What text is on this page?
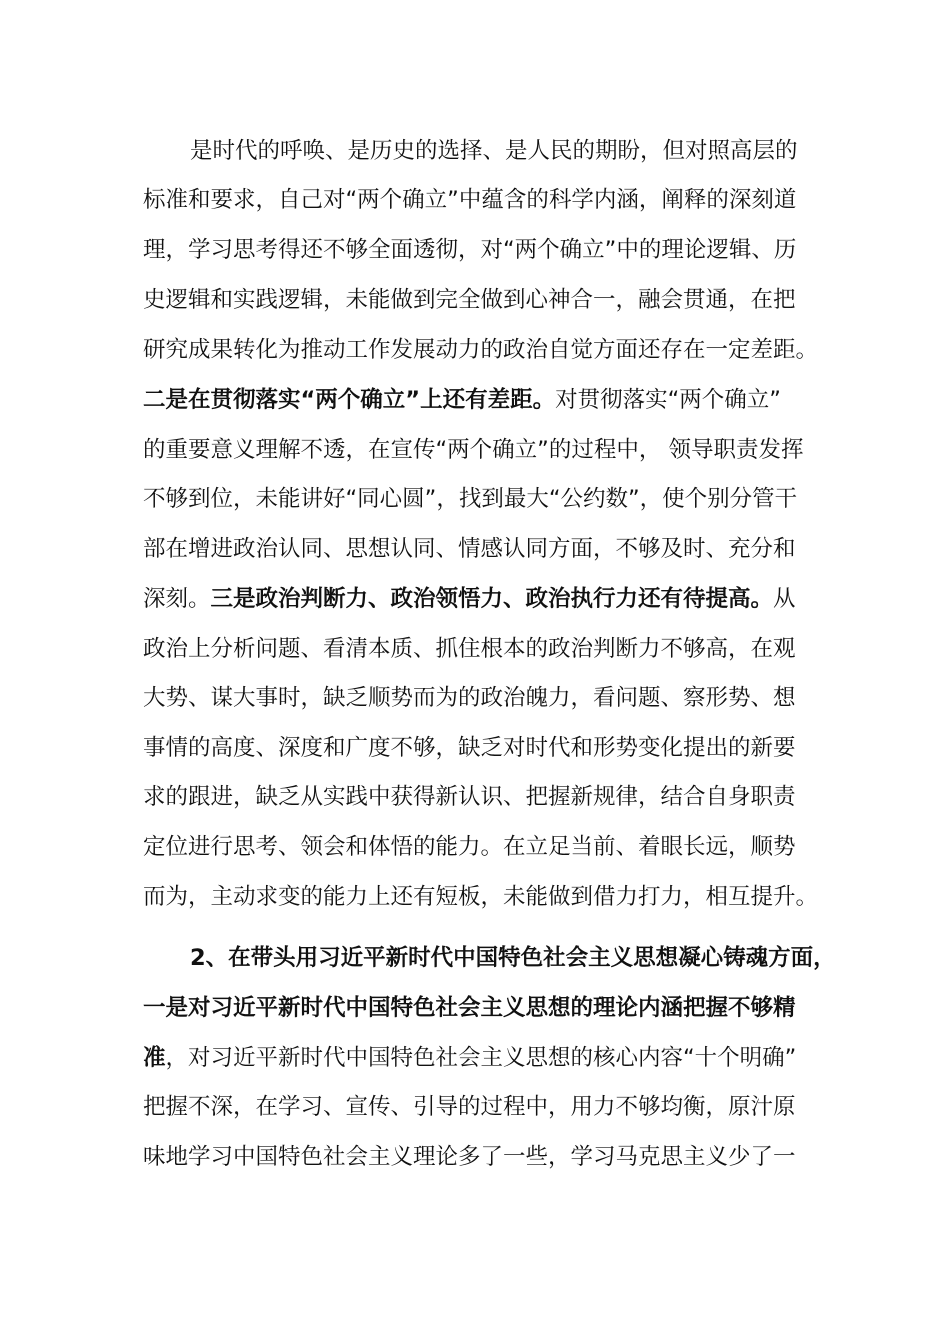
是时代的呼唤、是历史的选择、是人民的期盼，但对照高层的
标准和要求，自己对“两个确立”中蕴含的科学内涵，阐释的深刻道
理，学习思考得还不够全面透彻，对“两个确立”中的理论逻辑、历
史逻辑和实践逻辑，未能做到完全做到心神合一，融会贯通，在把
研究成果转化为推动工作发展动力的政治自觉方面还存在一定差距。
二是在贯彻落实“两个确立”上还有差距。对贯彻落实“两个确立”
的重要意义理解不透，在宣传“两个确立”的过程中， 领导职责发挥
不够到位，未能讲好“同心圆”，找到最大“公约数”，使个别分管干
部在增进政治认同、思想认同、情感认同方面，不够及时、充分和
深刻。三是政治判断力、政治领悟力、政治执行力还有待提高。从
政治上分析问题、看清本质、抓住根本的政治判断力不够高，在观
大势、谋大事时，缺乏顺势而为的政治魄力，看问题、察形势、想
事情的高度、深度和广度不够，缺乏对时代和形势变化提出的新要
求的跟进，缺乏从实践中获得新认识、把握新规律，结合自身职责
定位进行思考、领会和体悟的能力。在立足当前、着眼长远，顺势
而为，主动求变的能力上还有短板，未能做到借力打力，相互提升。
2、在带头用习近平新时代中国特色社会主义思想凝心铸魂方面，
一是对习近平新时代中国特色社会主义思想的理论内涵把握不够精
准，对习近平新时代中国特色社会主义思想的核心内容“十个明确”
把握不深，在学习、宣传、引导的过程中，用力不够均衡，原汁原
味地学习中国特色社会主义理论多了一些，学习马克思主义少了一
